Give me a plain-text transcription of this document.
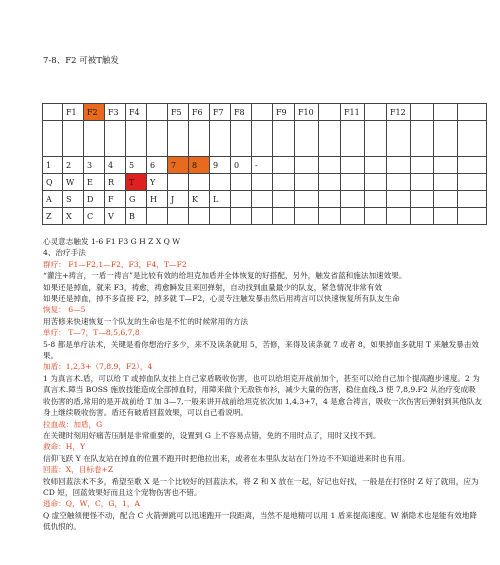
7-8、F2 可被T触发
	F1	F2	F3	F4		F5	F6	F7	F8		F9	F10		F11		F12			

1	2	3	4	5	6	7	8	9	0	-									
Q	W	E	R	T	Y														
A	S	D	F	G	H	J	K	L											
Z	X	C	V	B															
心灵意志触发 1-6 F1 F3 G H Z X Q W
4、治疗手法
群疗： F1—F2,1—F2，F3，F4，T—F2
“灌注+祷言，一盾一祷言”是比较有效的给坦克加盾并全体恢复的好搭配，另外，触发省蓝和施法加速效果。
如果还是掉血，就来 F3，祷愈，祷愈瞬发且来回弹射，自动找到血量最少的队友，紧急情况非常有效
如果还是掉血，掉不多直接 F2，掉多就 T—F2，心灵专注触发暴击然后用祷言可以快速恢复所有队友生命
恢复： 6—5
用苦修来快速恢复一个队友的生命也是不忙的时候常用的方法
单疗： T—7，T—8,5,6,7,8
5-8 都是单疗法术，关键是看你想治疗多少，来不及读条就用 5，苦修，来得及读条就 7 或者 8，如果掉血多就用 T 来触发暴击效果。
加盾：1,2,3+（7,8,9，F2），4
1 为真言术.盾，可以给 T 或掉血队友挂上自己家盾吸收伤害，也可以给坦克开战前加个，甚至可以给自己加个提高跑步速度。2 为真言术.障当 BOSS 施放技能造成全部掉血时，用障来做个无敌铁布衫，减少大量的伤害，稳住血线,3 使 7,8,9.F2 从治疗变成吸收伤害的盾,常用的是开战前给 T 加 3—7,一般来讲开战前给坦克依次加 1,4,3+7，4 是愈合祷言，吸收一次伤害后弹射到其他队友身上继续吸收伤害。盾还有破盾回蓝效果，可以自己看说明。
拉血战：加盾，G
在关键时刻用好痛苦压制是非常重要的，设置到 G 上不容易点错，免的不用时点了，用时又找不到。
救命：H，Y
信仰飞跃 Y 在队友站在掉血的位置不跑开时把他拉出来，或者在本里队友站在门外边不不知道进来时也有用。
回蓝：X，目标卷+Z
牧师回蓝法术不多，希望至歌 X 是一个比较好的回蓝法术，将 Z 和 X 放在一起，好记也好找，一般是在打怪时 Z 好了就用，应为 CD 短，回蓝效果好而且这个宠物伤害也不错。
逃命：Q，W，C，G，1，A
Q 虚空触须便怪不动，配合 C 火箭弹跳可以迅速跑开一段距离，当然不是地精可以用 1 盾来提高速度。W 渐隐术也是能有效地降低仇恨的。
